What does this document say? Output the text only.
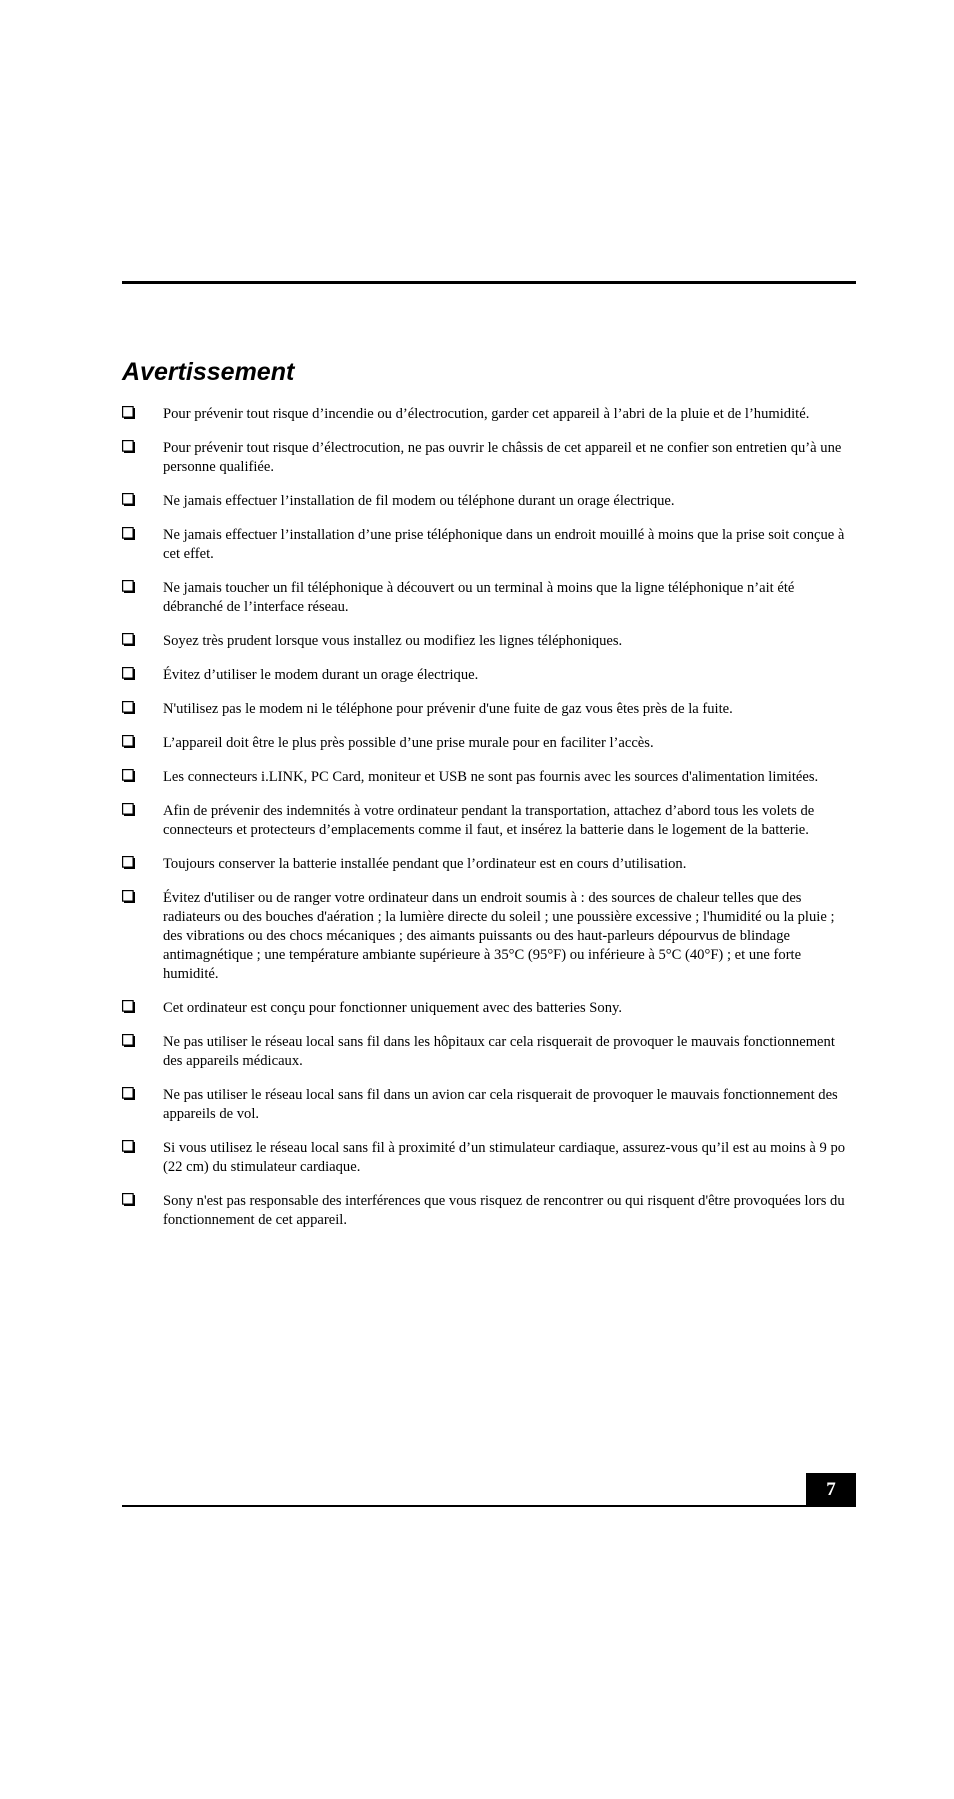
Avertissement
Pour prévenir tout risque d’incendie ou d’électrocution, garder cet appareil à l’abri de la pluie et de l’humidité.
Pour prévenir tout risque d’électrocution, ne pas ouvrir le châssis de cet appareil et ne confier son entretien qu’à une personne qualifiée.
Ne jamais effectuer l’installation de fil modem ou téléphone durant un orage électrique.
Ne jamais effectuer l’installation d’une prise téléphonique dans un endroit mouillé à moins que la prise soit conçue à cet effet.
Ne jamais toucher un fil téléphonique à découvert ou un terminal à moins que la ligne téléphonique n’ait été débranché de l’interface réseau.
Soyez très prudent lorsque vous installez ou modifiez les lignes téléphoniques.
Évitez d’utiliser le modem durant un orage électrique.
N'utilisez pas le modem ni le téléphone pour prévenir d'une fuite de gaz vous êtes près de la fuite.
L’appareil doit être le plus près possible d’une prise murale pour en faciliter l’accès.
Les connecteurs i.LINK, PC Card, moniteur et USB ne sont pas fournis avec les sources d'alimentation limitées.
Afin de prévenir des indemnités à votre ordinateur pendant la transportation, attachez d’abord tous les volets de connecteurs et protecteurs d’emplacements comme il faut, et insérez la batterie dans le logement de la batterie.
Toujours conserver la batterie installée pendant que l’ordinateur est en cours d’utilisation.
Évitez d'utiliser ou de ranger votre ordinateur dans un endroit soumis à : des sources de chaleur telles que des radiateurs ou des bouches d'aération ; la lumière directe du soleil ; une poussière excessive ; l'humidité ou la pluie ; des vibrations ou des chocs mécaniques ; des aimants puissants ou des haut-parleurs dépourvus de blindage antimagnétique ; une température ambiante supérieure à 35°C (95°F) ou inférieure à 5°C (40°F) ; et une forte humidité.
Cet ordinateur est conçu pour fonctionner uniquement avec des batteries Sony.
Ne pas utiliser le réseau local sans fil dans les hôpitaux car cela risquerait de provoquer le mauvais fonctionnement des appareils médicaux.
Ne pas utiliser le réseau local sans fil dans un avion car cela risquerait de provoquer le mauvais fonctionnement des appareils de vol.
Si vous utilisez le réseau local sans fil à proximité d’un stimulateur cardiaque, assurez-vous qu’il est au moins à 9 po (22 cm) du stimulateur cardiaque.
Sony n'est pas responsable des interférences que vous risquez de rencontrer ou qui risquent d'être provoquées lors du fonctionnement de cet appareil.
7
